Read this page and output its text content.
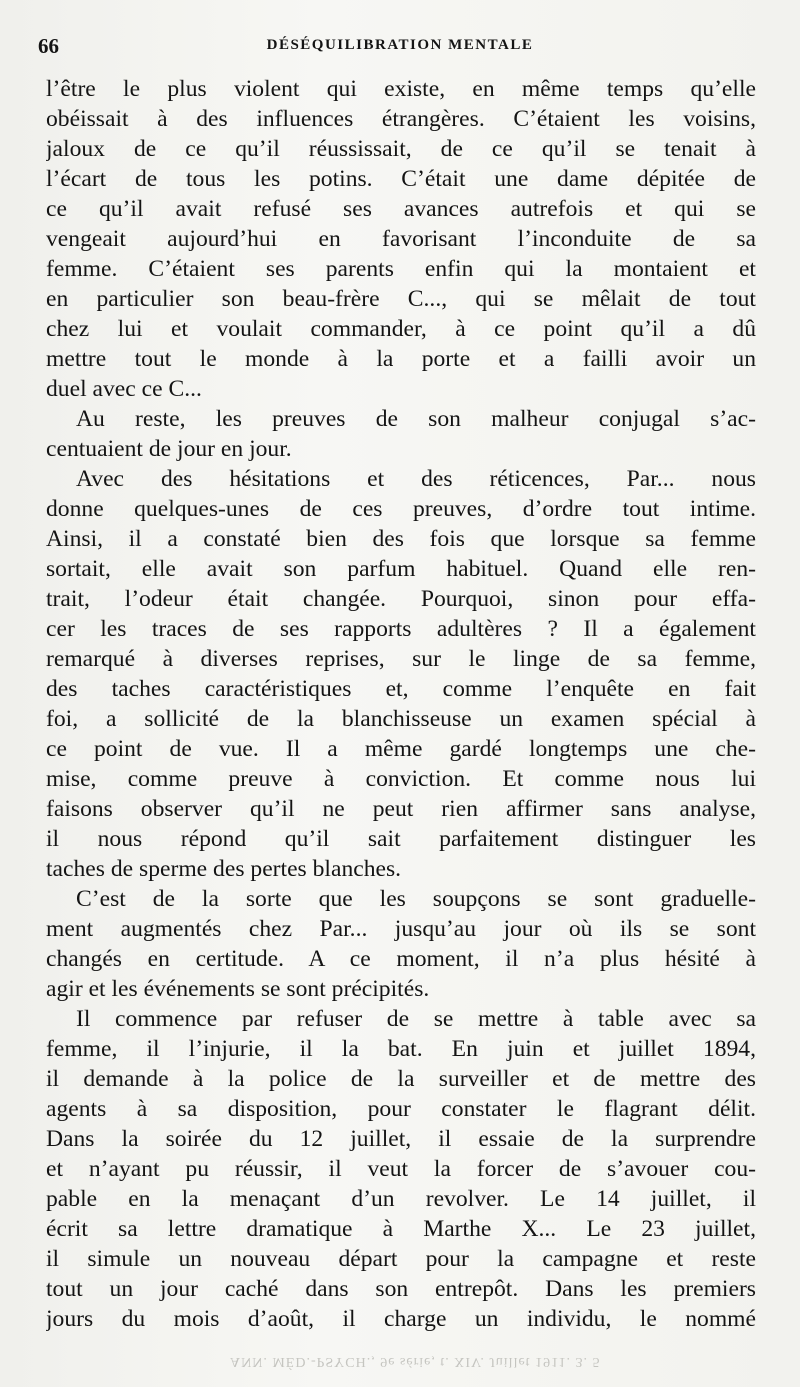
66	DÉSÉQUILIBRATION MENTALE
l’être le plus violent qui existe, en même temps qu’elle
obéissait à des influences étrangères. C’étaient les voisins,
jaloux de ce qu’il réussissait, de ce qu’il se tenait à
l’écart de tous les potins. C’était une dame dépitée de
ce qu’il avait refusé ses avances autrefois et qui se
vengeait aujourd’hui en favorisant l’inconduite de sa
femme. C’étaient ses parents enfin qui la montaient et
en particulier son beau-frère C..., qui se mêlait de tout
chez lui et voulait commander, à ce point qu’il a dû
mettre tout le monde à la porte et a failli avoir un
duel avec ce C...
Au reste, les preuves de son malheur conjugal s’ac-
centuaient de jour en jour.
Avec des hésitations et des réticences, Par... nous
donne quelques-unes de ces preuves, d’ordre tout intime.
Ainsi, il a constaté bien des fois que lorsque sa femme
sortait, elle avait son parfum habituel. Quand elle ren-
trait, l’odeur était changée. Pourquoi, sinon pour effa-
cer les traces de ses rapports adultères ? Il a également
remarqué à diverses reprises, sur le linge de sa femme,
des taches caractéristiques et, comme l’enquête en fait
foi, a sollicité de la blanchisseuse un examen spécial à
ce point de vue. Il a même gardé longtemps une che-
mise, comme preuve à conviction. Et comme nous lui
faisons observer qu’il ne peut rien affirmer sans analyse,
il nous répond qu’il sait parfaitement distinguer les
taches de sperme des pertes blanches.
C’est de la sorte que les soupçons se sont graduelle-
ment augmentés chez Par... jusqu’au jour où ils se sont
changés en certitude. A ce moment, il n’a plus hésité à
agir et les événements se sont précipités.
Il commence par refuser de se mettre à table avec sa
femme, il l’injurie, il la bat. En juin et juillet 1894,
il demande à la police de la surveiller et de mettre des
agents à sa disposition, pour constater le flagrant délit.
Dans la soirée du 12 juillet, il essaie de la surprendre
et n’ayant pu réussir, il veut la forcer de s’avouer cou-
pable en la menaçant d’un revolver. Le 14 juillet, il
écrit sa lettre dramatique à Marthe X... Le 23 juillet,
il simule un nouveau départ pour la campagne et reste
tout un jour caché dans son entrepôt. Dans les premiers
jours du mois d’août, il charge un individu, le nommé
ANN. MÉD.-PSYCH., 9e série, t. XIV. Juillet 1911. 3. 5
